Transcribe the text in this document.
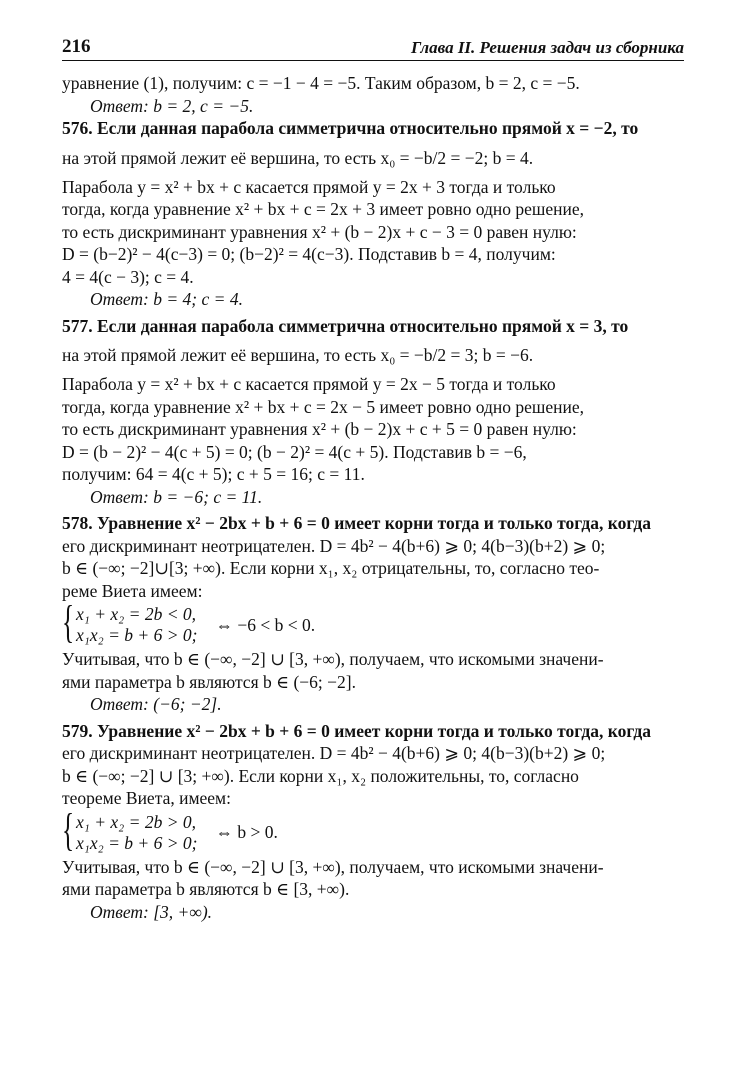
216	Глава II. Решения задач из сборника
уравнение (1), получим: c = −1 − 4 = −5. Таким образом, b = 2, c = −5.
Ответ: b = 2, c = −5.
576. Если данная парабола симметрична относительно прямой x = −2, то
на этой прямой лежит её вершина, то есть x₀ = −b/2 = −2; b = 4.
Парабола y = x² + bx + c касается прямой y = 2x + 3 тогда и только
тогда, когда уравнение x² + bx + c = 2x + 3 имеет ровно одно решение,
то есть дискриминант уравнения x² + (b − 2)x + c − 3 = 0 равен нулю:
D = (b−2)² − 4(c−3) = 0; (b−2)² = 4(c−3). Подставив b = 4, получим:
4 = 4(c − 3); c = 4.
Ответ: b = 4; c = 4.
577. Если данная парабола симметрична относительно прямой x = 3, то
на этой прямой лежит её вершина, то есть x₀ = −b/2 = 3; b = −6.
Парабола y = x² + bx + c касается прямой y = 2x − 5 тогда и только
тогда, когда уравнение x² + bx + c = 2x − 5 имеет ровно одно решение,
то есть дискриминант уравнения x² + (b − 2)x + c + 5 = 0 равен нулю:
D = (b − 2)² − 4(c + 5) = 0; (b − 2)² = 4(c + 5). Подставив b = −6,
получим: 64 = 4(c + 5); c + 5 = 16; c = 11.
Ответ: b = −6; c = 11.
578. Уравнение x² − 2bx + b + 6 = 0 имеет корни тогда и только тогда, когда
его дискриминант неотрицателен. D = 4b² − 4(b+6) ⩾ 0; 4(b−3)(b+2) ⩾ 0;
b ∈ (−∞; −2]∪[3; +∞). Если корни x₁, x₂ отрицательны, то, согласно тео-
реме Виета имеем:
{ x₁ + x₂ = 2b < 0,
x₁x₂ = b + 6 > 0;
⇔ −6 < b < 0.
Учитывая, что b ∈ (−∞, −2] ∪ [3, +∞), получаем, что искомыми значени-
ями параметра b являются b ∈ (−6; −2].
Ответ: (−6; −2].
579. Уравнение x² − 2bx + b + 6 = 0 имеет корни тогда и только тогда, когда
его дискриминант неотрицателен. D = 4b² − 4(b+6) ⩾ 0; 4(b−3)(b+2) ⩾ 0;
b ∈ (−∞; −2] ∪ [3; +∞). Если корни x₁, x₂ положительны, то, согласно
теореме Виета, имеем:
{ x₁ + x₂ = 2b > 0,
x₁x₂ = b + 6 > 0;
⇔ b > 0.
Учитывая, что b ∈ (−∞, −2] ∪ [3, +∞), получаем, что искомыми значени-
ями параметра b являются b ∈ [3, +∞).
Ответ: [3, +∞).
